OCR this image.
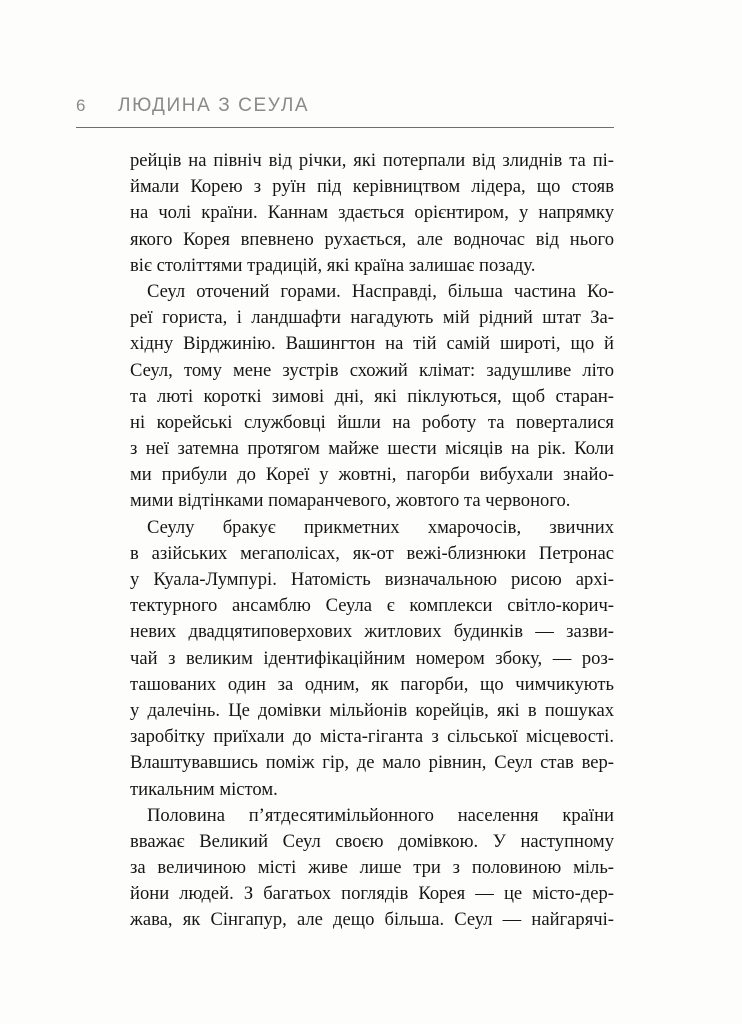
6 ЛЮДИНА З СЕУЛА
рейців на північ від річки, які потерпали від злиднів та пі-
ймали Корею з руїн під керівництвом лідера, що стояв
на чолі країни. Каннам здається орієнтиром, у напрямку
якого Корея впевнено рухається, але водночас від нього
віє століттями традицій, які країна залишає позаду.
Сеул оточений горами. Насправді, більша частина Ко-
реї гориста, і ландшафти нагадують мій рідний штат За-
хідну Вірджинію. Вашингтон на тій самій широті, що й
Сеул, тому мене зустрів схожий клімат: задушливе літо
та люті короткі зимові дні, які піклуються, щоб старан-
ні корейські службовці йшли на роботу та поверталися
з неї затемна протягом майже шести місяців на рік. Коли
ми прибули до Кореї у жовтні, пагорби вибухали знайо-
мими відтінками помаранчевого, жовтого та червоного.
Сеулу бракує прикметних хмарочосів, звичних
в азійських мегаполісах, як-от вежі-близнюки Петронас
у Куала-Лумпурі. Натомість визначальною рисою архі-
тектурного ансамблю Сеула є комплекси світло-корич-
невих двадцятиповерхових житлових будинків — зазви-
чай з великим ідентифікаційним номером збоку, — роз-
ташованих один за одним, як пагорби, що чимчикують
у далечінь. Це домівки мільйонів корейців, які в пошуках
заробітку приїхали до міста-гіганта з сільської місцевості.
Влаштувавшись поміж гір, де мало рівнин, Сеул став вер-
тикальним містом.
Половина п’ятдесятимільйонного населення країни
вважає Великий Сеул своєю домівкою. У наступному
за величиною місті живе лише три з половиною міль-
йони людей. З багатьох поглядів Корея — це місто-дер-
жава, як Сінгапур, але дещо більша. Сеул — найгарячі-
